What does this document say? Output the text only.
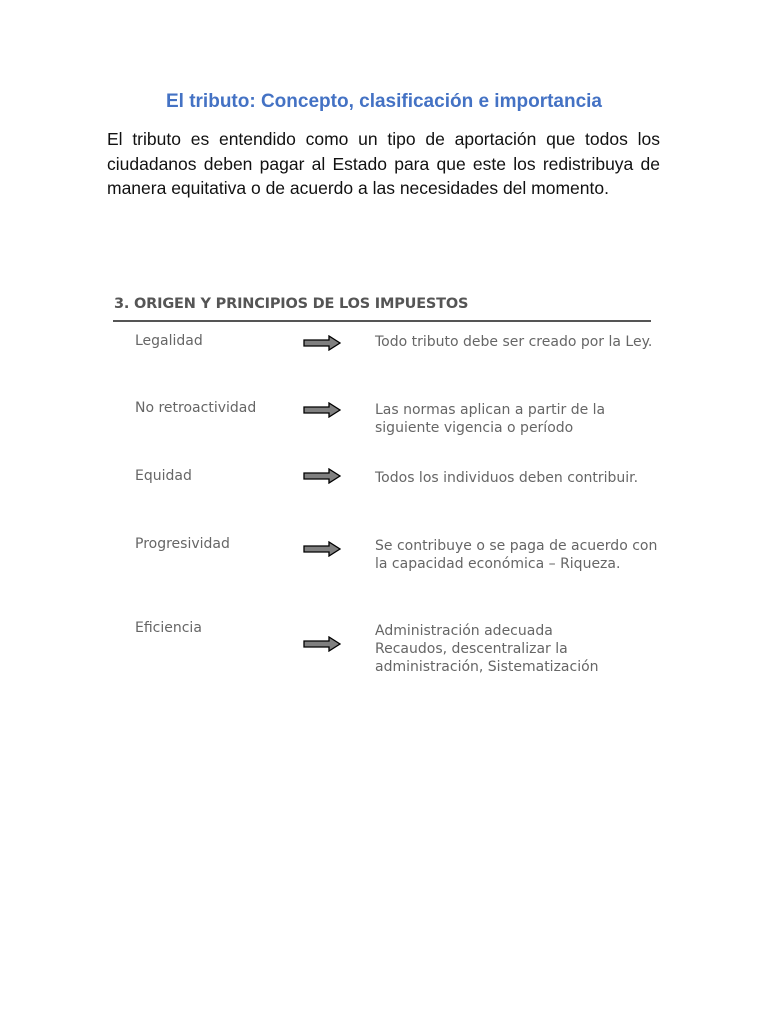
El tributo: Concepto, clasificación e importancia

El tributo es entendido como un tipo de aportación que todos los ciudadanos deben pagar al Estado para que este los redistribuya de manera equitativa o de acuerdo a las necesidades del momento.

3. ORIGEN Y PRINCIPIOS DE LOS IMPUESTOS

Legalidad	Todo tributo debe ser creado por la Ley.

No retroactividad	Las normas aplican a partir de la
siguiente vigencia o período

Equidad	Todos los individuos deben contribuir.

Progresividad	Se contribuye o se paga de acuerdo con
la capacidad económica – Riqueza.

Eficiencia	Administración adecuada
Recaudos, descentralizar la
administración, Sistematización
